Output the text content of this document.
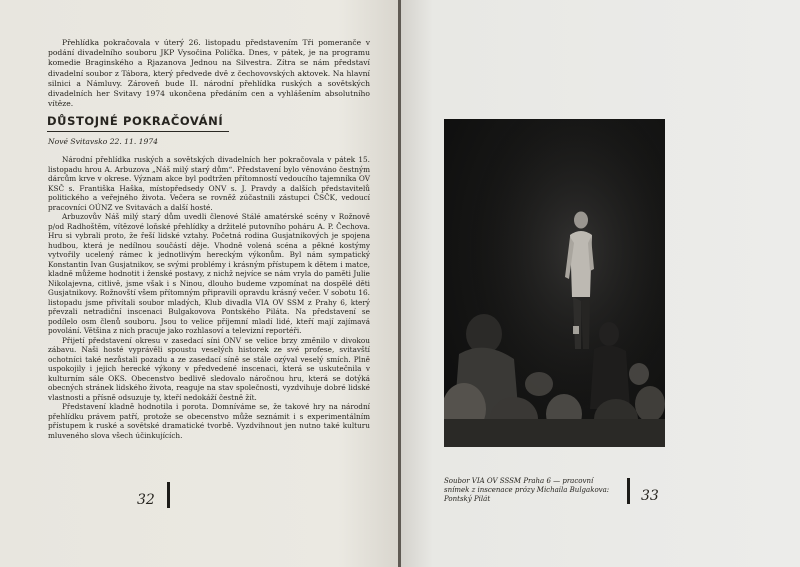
Přehlídka pokračovala v úterý 26. listopadu představením Tři pomeranče v podání divadelního souboru JKP Vysočina Polička. Dnes, v pátek, je na programu komedie Braginského a Rjazanova Jednou na Silvestra. Zítra se nám představí divadelní soubor z Tábora, který předvede dvě z čechovovských aktovek. Na hlavní silnici a Námluvy. Zároveň bude II. národní přehlídka ruských a sovětských divadelních her Svitavy 1974 ukončena předáním cen a vyhlášením absolutního vítěze.

DŮSTOJNÉ POKRAČOVÁNÍ
Nové Svitavsko 22. 11. 1974

Národní přehlídka ruských a sovětských divadelních her pokračovala v pátek 15. listopadu hrou A. Arbuzova „Náš milý starý dům“. Představení bylo věnováno čestným dárcům krve v okrese. Význam akce byl podtržen přítomností vedoucího tajemníka OV KSČ s. Františka Haška, místopředsedy ONV s. J. Pravdy a dalších představitelů politického a veřejného života. Večera se rovněž zúčastnili zástupci ČSČK, vedoucí pracovníci OÚNZ ve Svitavách a další hosté.

Arbuzovův Náš milý starý dům uvedli členové Stálé amatérské scény v Rožnově p/od Radhoštěm, vítězové loňské přehlídky a držitelé putovního poháru A. P. Čechova. Hru si vybrali proto, že řeší lidské vztahy. Početná rodina Gusjatnikových je spojena hudbou, která je nedílnou součástí děje. Vhodně volená scéna a pěkné kostýmy vytvořily ucelený rámec k jednotlivým hereckým výkonům. Byl nám sympatický Konstantin Ivan Gusjatnikov, se svými problémy i krásným přístupem k dětem i matce, kladně můžeme hodnotit i ženské postavy, z nichž nejvíce se nám vryla do paměti Julie Nikolajevna, citlivě, jsme však i s Ninou, dlouho budeme vzpomínat na dospělé děti Gusjatnikovy. Rožnovští všem přítomným připravili opravdu krásný večer. V sobotu 16. listopadu jsme přivítali soubor mladých, Klub divadla VIA OV SSM z Prahy 6, který převzali netradiční inscenaci Bulgakovova Pontského Piláta. Na představení se podílelo osm členů souboru. Jsou to velice příjemní mladí lidé, kteří mají zajímavá povolání. Většina z nich pracuje jako rozhlasoví a televizní reportéři.

Přijetí představení okresu v zasedací síni ONV se velice brzy změnilo v divokou zábavu. Naši hosté vyprávěli spoustu veselých historek ze své profese, svitavští ochotníci také nezůstali pozadu a ze zasedací síně se stále ozýval veselý smích. Plně uspokojily i jejich herecké výkony v předvedené inscenaci, která se uskutečnila v kulturním sále OKS. Obecenstvo bedlivě sledovalo náročnou hru, která se dotýká obecných stránek lidského života, reaguje na stav společnosti, vyzdvihuje dobré lidské vlastnosti a přísně odsuzuje ty, kteří nedokáží čestně žít.

Představení kladně hodnotila i porota. Domníváme se, že takové hry na národní přehlídku právem patří, protože se obecenstvo může seznámit i s experimentálním přístupem k ruské a sovětské dramatické tvorbě. Vyzdvihnout jen nutno také kulturu mluveného slova všech účinkujících.

32
Soubor VIA OV SSSM Praha 6 — pracovní snímek z inscenace prózy Michaila Bulgakova: Pontský Pilát	33
